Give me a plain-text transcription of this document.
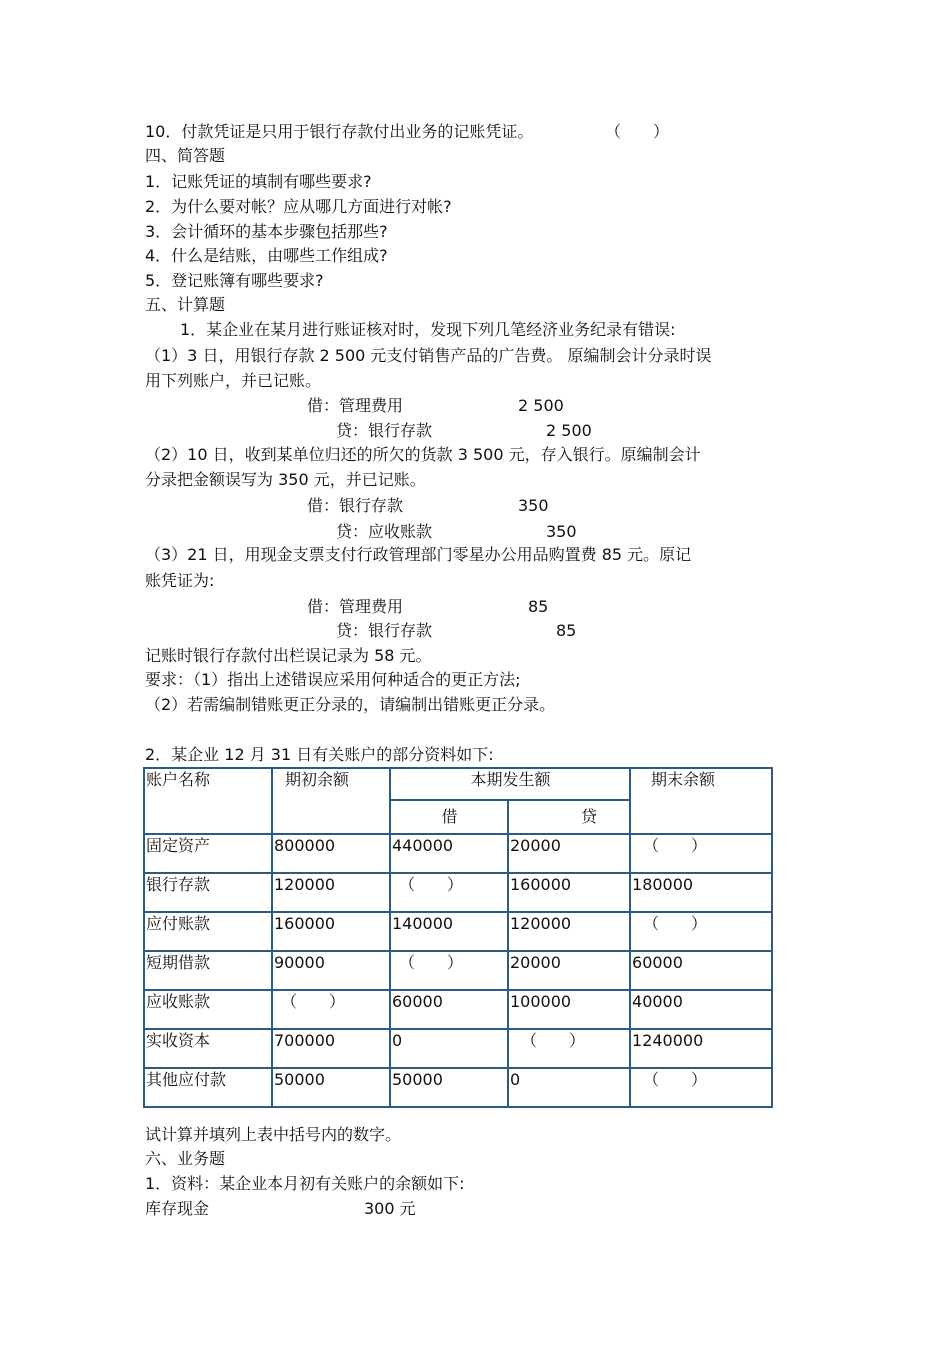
10．付款凭证是只用于银行存款付出业务的记账凭证。	（　　）
四、简答题
1．记账凭证的填制有哪些要求?
2．为什么要对帐？应从哪几方面进行对帐?
3．会计循环的基本步骤包括那些?
4．什么是结账，由哪些工作组成?
5．登记账簿有哪些要求?
五、计算题
1．某企业在某月进行账证核对时，发现下列几笔经济业务纪录有错误:
（1）3 日，用银行存款 2 500 元支付销售产品的广告费。 原编制会计分录时误
用下列账户，并已记账。
借：管理费用	2 500
贷：银行存款	2 500
（2）10 日，收到某单位归还的所欠的货款 3 500 元，存入银行。原编制会计
分录把金额误写为 350 元，并已记账。
借：银行存款	350
贷：应收账款	350
（3）21 日，用现金支票支付行政管理部门零星办公用品购置费 85 元。原记
账凭证为:
借：管理费用	85
贷：银行存款	85
记账时银行存款付出栏误记录为 58 元。
要求：（1）指出上述错误应采用何种适合的更正方法;
（2）若需编制错账更正分录的，请编制出错账更正分录。
2．某企业 12 月 31 日有关账户的部分资料如下:
账户名称	期初余额	本期发生额		期末余额

		借	贷	

固定资产	800000	440000	20000	（　　）

银行存款	120000	（　　）	160000	180000

应付账款	160000	140000	120000	（　　）

短期借款	90000	（　　）	20000	60000

应收账款	（　　）	60000	100000	40000

实收资本	700000	0	（　　）	1240000

其他应付款	50000	50000	0	（　　）
试计算并填列上表中括号内的数字。
六、业务题
1．资料：某企业本月初有关账户的余额如下:
库存现金	300 元
